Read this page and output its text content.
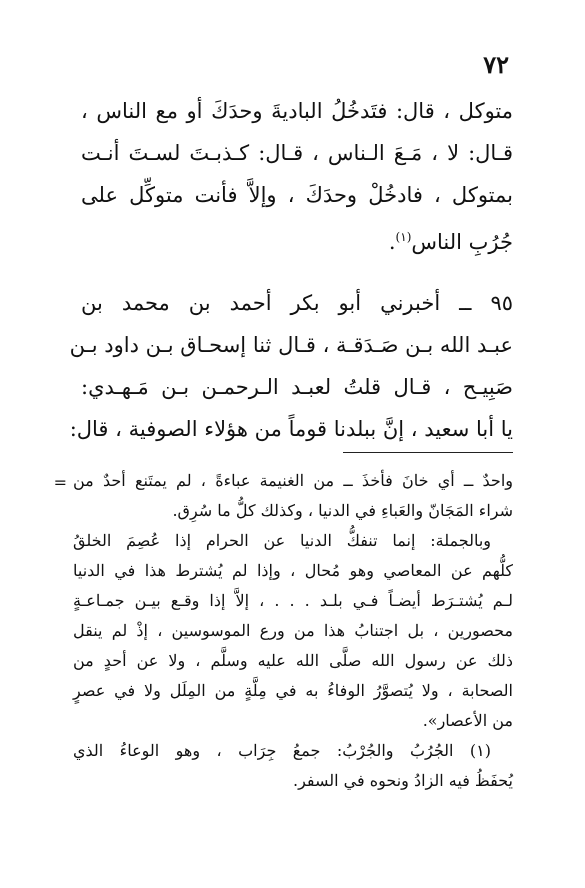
٧٢
متوكل ، قال: فتَدخُلُ الباديةَ وحدَكَ أو مع الناس ،
قـال: لا ، مَـعَ الـناس ، قـال: كـذبـتَ لسـتَ أنـت
بمتوكل ، فادخُلْ وحدَكَ ، وإلاَّ فأنت متوكِّل على
جُرُبِ الناس$^{(١)}$.
٩٥ ــ أخبرني أبو بكر أحمد بن محمد بن
عبـد الله بـن صَـدَقـة ، قـال ثنا إسحـاق بـن داود بـن
صَبِيـح ، قـال قلتُ لعبـد الـرحمـن بـن مَـهـدي:
يا أبا سعيد ، إنَّ ببلدنا قوماً من هؤلاء الصوفية ، قال:
= واحدٌ ــ أي خانَ فأخذَ ــ من الغنيمة عباءةً ، لم يمتَنع أحدٌ من
شراء المَجَانّ والعَباءِ في الدنيا ، وكذلك كلُّ ما سُرِق.
وبالجملة: إنما تنفكُّ الدنيا عن الحرام إذا عُصِمَ الخلقُ
كلُّهم عن المعاصي وهو مُحال ، وإذا لم يُشترط هذا في الدنيا
لـم يُشتـرَط أيضـاً فـي بلـد . . . ، إلاَّ إذا وقـع بيـن جمـاعـةٍ
محصورين ، بل اجتنابُ هذا من ورع الموسوسين ، إذْ لم ينقل
ذلك عن رسول الله صلَّى الله عليه وسلَّم ، ولا عن أحدٍ من
الصحابة ، ولا يُتصوَّرُ الوفاءُ به في مِلَّةٍ من المِلَل ولا في عصرٍ
من الأعصار».
(١) الجُرُبُ والجُرْبُ: جمعُ جِرَاب ، وهو الوعاءُ الذي
يُحفَظُ فيه الزادُ ونحوه في السفر.
